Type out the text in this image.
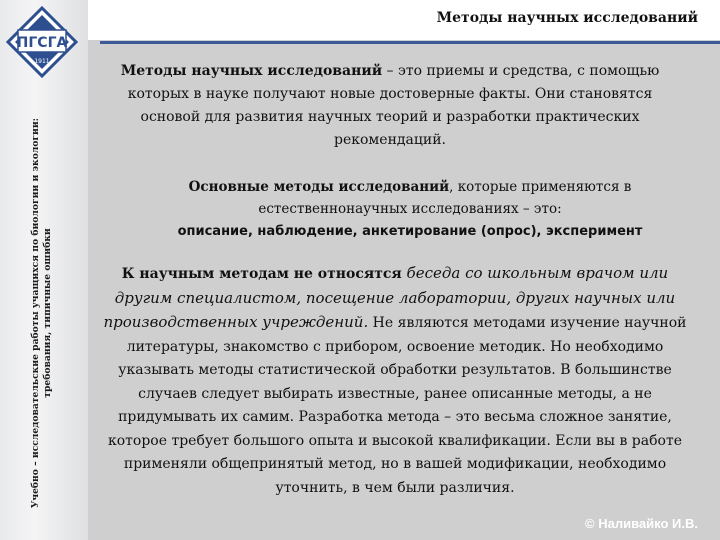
ПГСГА
1911
Учебно – исследовательские работы учащихся по биологии и экологии: требования, типичные ошибки
Методы научных исследований

Методы научных исследований – это приемы и средства, с помощью которых в науке получают новые достоверные факты. Они становятся основой для развития научных теорий и разработки практических рекомендаций.

Основные методы исследований, которые применяются в естественнонаучных исследованиях – это:
описание, наблюдение, анкетирование (опрос), эксперимент

К научным методам не относятся беседа со школьным врачом или другим специалистом, посещение лаборатории, других научных или производственных учреждений. Не являются методами изучение научной литературы, знакомство с прибором, освоение методик. Но необходимо указывать методы статистической обработки результатов. В большинстве случаев следует выбирать известные, ранее описанные методы, а не придумывать их самим. Разработка метода – это весьма сложное занятие, которое требует большого опыта и высокой квалификации. Если вы в работе применяли общепринятый метод, но в вашей модификации, необходимо уточнить, в чем были различия.

© Наливайко И.В.
